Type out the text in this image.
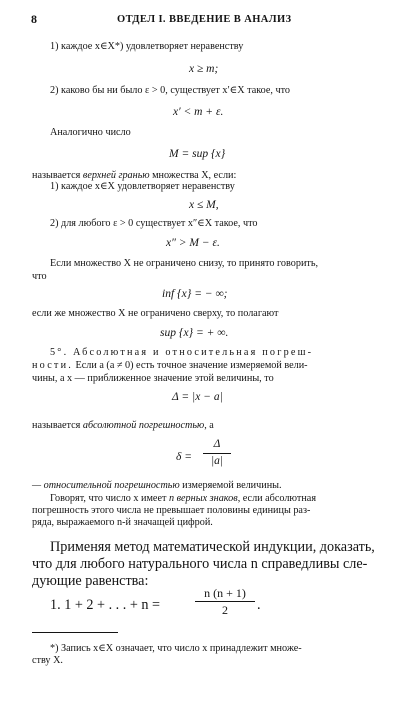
8	ОТДЕЛ I. ВВЕДЕНИЕ В АНАЛИЗ
1) каждое x∈X*) удовлетворяет неравенству
x ≥ m;
2) каково бы ни было ε > 0, существует x′∈X такое, что
x′ < m + ε.
Аналогично число
M = sup {x}
называется верхней гранью множества X, если:
1) каждое x∈X удовлетворяет неравенству
x ≤ M,
2) для любого ε > 0 существует x″∈X такое, что
x″ > M − ε.
Если множество X не ограничено снизу, то принято говорить,
что
inf {x} = − ∞;
если же множество X не ограничено сверху, то полагают
sup {x} = + ∞.
5°. Абсолютная и относительная погреш-
ности. Если a (a ≠ 0) есть точное значение измеряемой вели-
чины, а x — приближенное значение этой величины, то
Δ = |x − a|
называется абсолютной погрешностью, а
δ =
Δ
|a|
— относительной погрешностью измеряемой величины.
Говорят, что число x имеет n верных знаков, если абсолютная
погрешность этого числа не превышает половины единицы раз-
ряда, выражаемого n-й значащей цифрой.
Применяя метод математической индукции, доказать,
что для любого натурального числа n справедливы сле-
дующие равенства:
1. 1 + 2 + . . . + n =
n (n + 1)
2	.
*) Запись x∈X означает, что число x принадлежит множе-
ству X.
